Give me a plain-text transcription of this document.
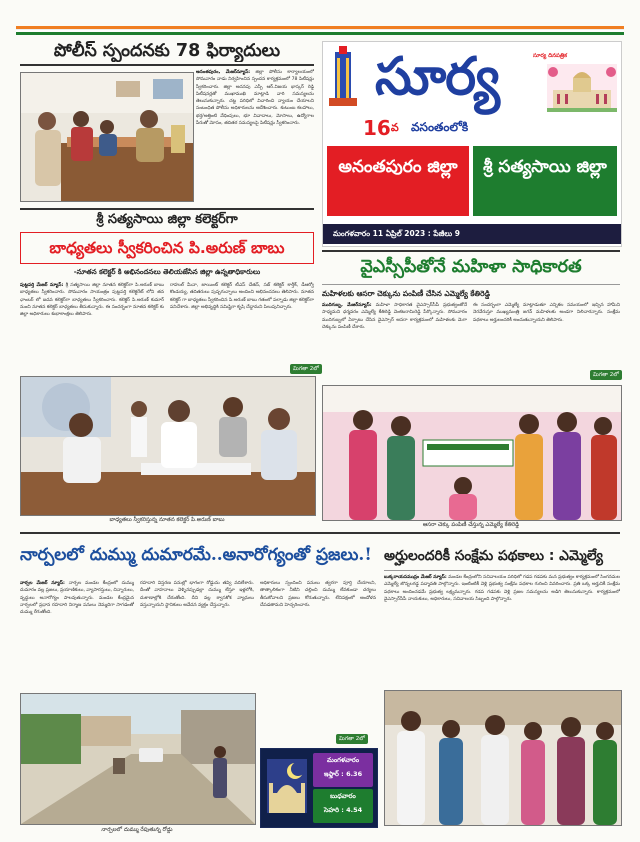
పోలీస్ స్పందనకు 78 ఫిర్యాదులు
అనంతపురం, మేజర్‌న్యూస్: జిల్లా పోలీసు కార్యాలయంలో సోమవారం నాడు నిర్వహించిన స్పందన కార్యక్రమంలో 78 పిటీషన్లు స్వీకరించారు. జిల్లా అదనపు ఎస్పీ ఆర్.విజయ భాస్కర్ రెడ్డి పిటీషనర్లతో ముఖాముఖి మాట్లాడి వారి సమస్యలను తెలుసుకున్నారు. చట్ట పరిధిలో విచారించి న్యాయం చేయాలని సంబంధిత పోలీసు అధికారులను ఆదేశించారు. కుటుంబ కలహాలు, భర్త/అత్తింటి వేధింపులు, భూ వివాదాలు, మోసాలు, ఉద్యోగాల పేరుతో మోసం, తదితర సమస్యలపై పిటీషన్లు స్వీకరించారు.
సూర్య దినపత్రిక
సూర్య
$16^వ$ వసంతంలోకి
అనంతపురం జిల్లా	శ్రీ సత్యసాయి జిల్లా
మంగళవారం 11 ఏప్రిల్ 2023 : పేజీలు 9
శ్రీ సత్యసాయి జిల్లా కలెక్టర్‌గా
బాధ్యతలు స్వీకరించిన పి.అరుణ్ బాబు
-నూతన కలెక్టర్ కి అభినందనలు తెలియజేసిన జిల్లా ఉన్నతాధికారులు
పుట్టపర్తి మేజర్ న్యూస్: శ్రీ సత్యసాయి జిల్లా నూతన కలెక్టర్‌గా పి.అరుణ్ బాబు బాధ్యతలు స్వీకరించారు. సోమవారం సాయంత్రం పుట్టపర్తి కలెక్టరేట్ లోని తన ఛాంబర్ లో ఐదవ కలెక్టర్‌గా బాధ్యతలు స్వీకరించారు. కలెక్టర్ పి.అరుణ్ కుమార్ నుంచి నూతన కలెక్టర్ బాధ్యతలు తీసుకున్నారు. ఈ సందర్భంగా నూతన కలెక్టర్ కు జిల్లా అధికారులు శుభాకాంక్షలు తెలిపారు.
రాహుల్ మీనా, జాయింట్ కలెక్టర్ టీఎస్ చేతన్, సబ్ కలెక్టర్ కార్తీక్, డీఆర్వో కొండయ్య, తదితరులు పుష్పగుచ్ఛాలు అందించి అభినందనలు తెలిపారు. నూతన కలెక్టర్ గా బాధ్యతలు స్వీకరించిన పి.అరుణ్ బాబు గతంలో పల్నాడు జిల్లా కలెక్టర్‌గా పనిచేశారు. జిల్లా అభివృద్ధికి సమిష్టిగా కృషి చేద్దామని పిలుపునిచ్చారు.
మిగతా 2లో
బాధ్యతలు స్వీకరిస్తున్న నూతన కలెక్టర్ పి.అరుణ్ బాబు
వైఎస్సీపీతోనే మహిళా సాధికారత
మహిళలకు ఆసరా చెక్కును పంపిణీ చేసిన ఎమ్మెల్యే కేతిరెడ్డి
ముదిగుబ్బ, మేజర్‌న్యూస్: మహిళా సాధికారత వైఎస్సార్‌సీపీ ప్రభుత్వంతోనే సాధ్యమని ధర్మవరం ఎమ్మెల్యే కేతిరెడ్డి వెంకటరామిరెడ్డి పేర్కొన్నారు. సోమవారం ముదిగుబ్బలో ఏర్పాటు చేసిన వైఎస్సార్ ఆసరా కార్యక్రమంలో మహిళలకు మెగా చెక్కును పంపిణీ చేశారు.
ఈ సందర్భంగా ఎమ్మెల్యే మాట్లాడుతూ ఎన్నికల సమయంలో ఇచ్చిన హామీని నెరవేరుస్తూ ముఖ్యమంత్రి జగన్ మహిళలకు అండగా నిలిచారన్నారు. సంక్షేమ పథకాలు అర్హులందరికీ అందుతున్నాయని తెలిపారు.
మిగతా 2లో
ఆసరా చెక్కు పంపిణీ చేస్తున్న ఎమ్మెల్యే కేతిరెడ్డి
నార్పలలో దుమ్ము దుమారమే..అనారోగ్యంతో ప్రజలు.!
నార్పల మేజర్ న్యూస్: నార్పల మండల కేంద్రంలో దుమ్ము దుమారం వల్ల ప్రజలు, ప్రయాణికులు, వ్యాపారస్తులు, చిన్నారులు, వృద్ధులు అనారోగ్యం పాలవుతున్నారు. మండల కేంద్రమైన నార్పలలో ప్రధాన రహదారి నిర్మాణ పనులు నెమ్మదిగా సాగడంతో దుమ్ము రేగుతోంది.
రహదారి విస్తరణ పనుల్లో భాగంగా రోడ్డును తవ్వి వదిలేశారు. దీంతో వాహనాలు వెళ్ళినప్పుడల్లా దుమ్ము లేస్తూ ఇళ్లలోకి, దుకాణాల్లోకి చేరుతోంది. దీని వల్ల శ్వాసకోశ వ్యాధులు వస్తున్నాయని స్థానికులు ఆవేదన వ్యక్తం చేస్తున్నారు.
అధికారులు స్పందించి పనులు త్వరగా పూర్తి చేయాలని, తాత్కాలికంగా నీటిని చల్లించి దుమ్ము లేవకుండా చర్యలు తీసుకోవాలని ప్రజలు కోరుతున్నారు. లేనిపక్షంలో ఆందోళన చేపడతామని హెచ్చరించారు.
నార్పలలో దుమ్ము రేపుతున్న రోడ్డు
మిగతా 2లో
మంగళవారం
ఇఫ్తార్ : 6.36
బుధవారం
సెహరి : 4.54
అర్హులందరికీ సంక్షేమ పథకాలు : ఎమ్మెల్యే
బుక్కరాయసముద్రం మేజర్ న్యూస్: మండల కేంద్రంలోని సచివాలయం పరిధిలో గడప గడపకు మన ప్రభుత్వం కార్యక్రమంలో సింగనమల ఎమ్మెల్యే జొన్నలగడ్డ పద్మావతి పాల్గొన్నారు. ఇంటింటికీ వెళ్లి ప్రభుత్వ సంక్షేమ పథకాల గురించి వివరించారు. ప్రతి ఒక్క అర్హునికీ సంక్షేమ పథకాలు అందించడమే ప్రభుత్వ లక్ష్యమన్నారు. గడప గడపకు వెళ్లి ప్రజల సమస్యలను అడిగి తెలుసుకున్నారు. కార్యక్రమంలో వైఎస్సార్‌సీపీ నాయకులు, అధికారులు, సచివాలయ సిబ్బంది పాల్గొన్నారు.
